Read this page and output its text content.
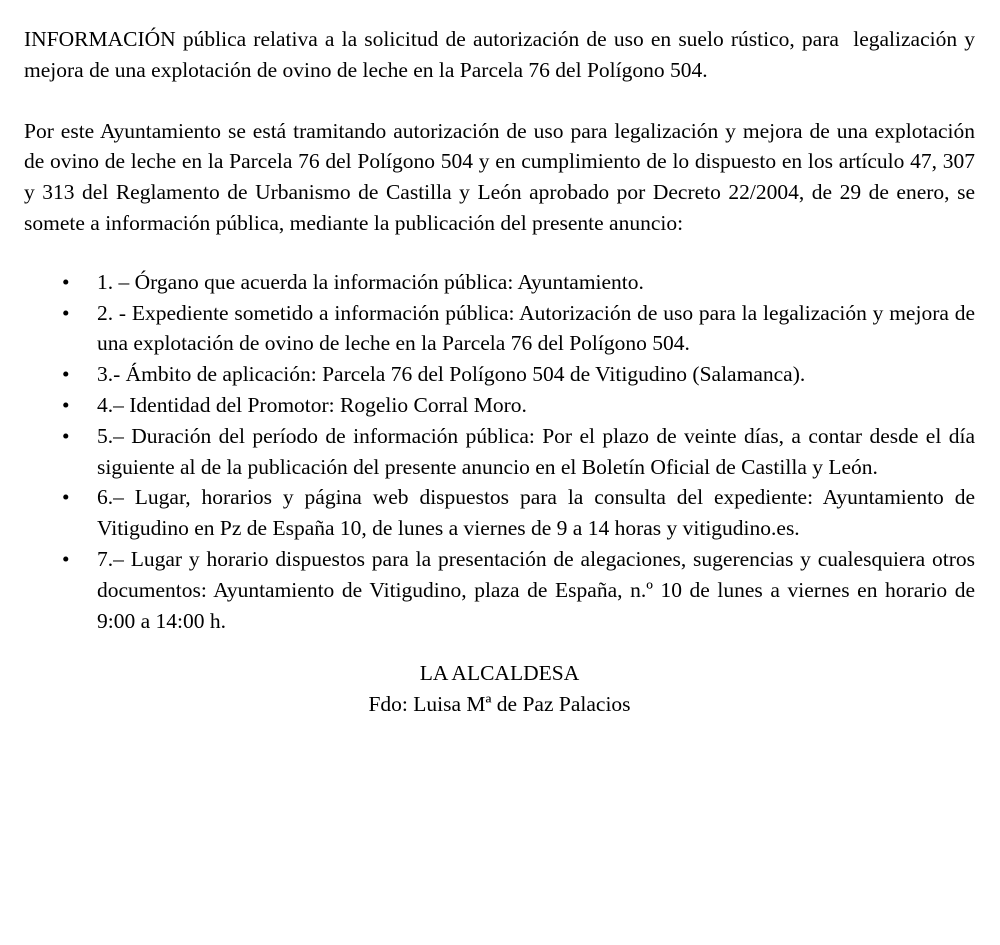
INFORMACIÓN pública relativa a la solicitud de autorización de uso en suelo rústico, para  legalización y mejora de una explotación de ovino de leche en la Parcela 76 del Polígono 504.

Por este Ayuntamiento se está tramitando autorización de uso para legalización y mejora de una explotación de ovino de leche en la Parcela 76 del Polígono 504 y en cumplimiento de lo dispuesto en los artículo 47, 307 y 313 del Reglamento de Urbanismo de Castilla y León aprobado por Decreto 22/2004, de 29 de enero, se somete a información pública, mediante la publicación del presente anuncio:

• 1. – Órgano que acuerda la información pública: Ayuntamiento.
• 2. - Expediente sometido a información pública: Autorización de uso para la legalización y mejora de una explotación de ovino de leche en la Parcela 76 del Polígono 504.
• 3.- Ámbito de aplicación: Parcela 76 del Polígono 504 de Vitigudino (Salamanca).
• 4.– Identidad del Promotor: Rogelio Corral Moro.
• 5.– Duración del período de información pública: Por el plazo de veinte días, a contar desde el día siguiente al de la publicación del presente anuncio en el Boletín Oficial de Castilla y León.
• 6.– Lugar, horarios y página web dispuestos para la consulta del expediente: Ayuntamiento de Vitigudino en Pz de España 10, de lunes a viernes de 9 a 14 horas y vitigudino.es.
• 7.– Lugar y horario dispuestos para la presentación de alegaciones, sugerencias y cualesquiera otros documentos: Ayuntamiento de Vitigudino, plaza de España, n.º 10 de lunes a viernes en horario de 9:00 a 14:00 h.
LA ALCALDESA
Fdo: Luisa Mª de Paz Palacios
